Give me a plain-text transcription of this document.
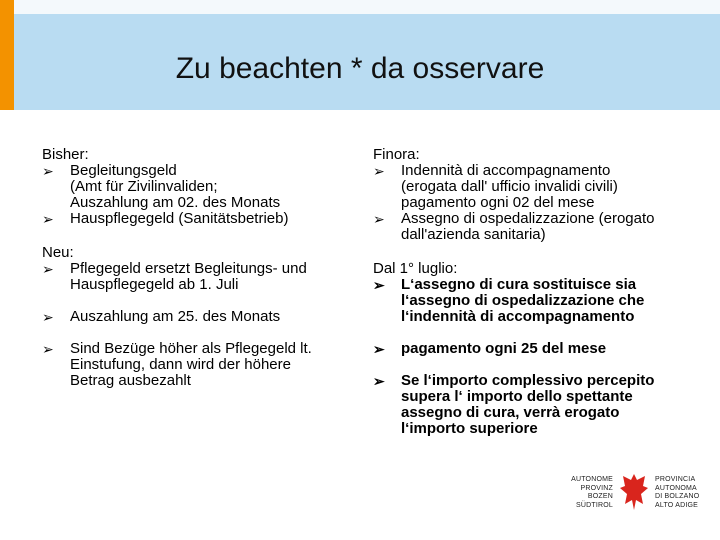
Zu beachten * da osservare
Bisher:
➢ Begleitungsgeld
(Amt für Zivilinvaliden;
Auszahlung am 02. des Monats
➢ Hauspflegegeld (Sanitätsbetrieb)
Neu:
➢ Pflegegeld ersetzt Begleitungs- und
Hauspflegegeld ab 1. Juli
➢ Auszahlung am 25. des Monats
➢ Sind Bezüge höher als Pflegegeld lt.
Einstufung, dann wird der höhere
Betrag ausbezahlt
Finora:
➢ Indennità di accompagnamento
(erogata dall' ufficio invalidi civili)
pagamento ogni 02 del mese
➢ Assegno di ospedalizzazione (erogato
dall'azienda sanitaria)
Dal 1° luglio:
➢ L‘assegno di cura sostituisce sia
l‘assegno di ospedalizzazione che
l‘indennità di accompagnamento
➢ pagamento ogni 25 del mese
➢ Se l‘importo complessivo percepito
supera l‘ importo dello spettante
assegno di cura, verrà erogato
l‘importo superiore
AUTONOME
PROVINZ
BOZEN
SÜDTIROL
PROVINCIA
AUTONOMA
DI BOLZANO
ALTO ADIGE
